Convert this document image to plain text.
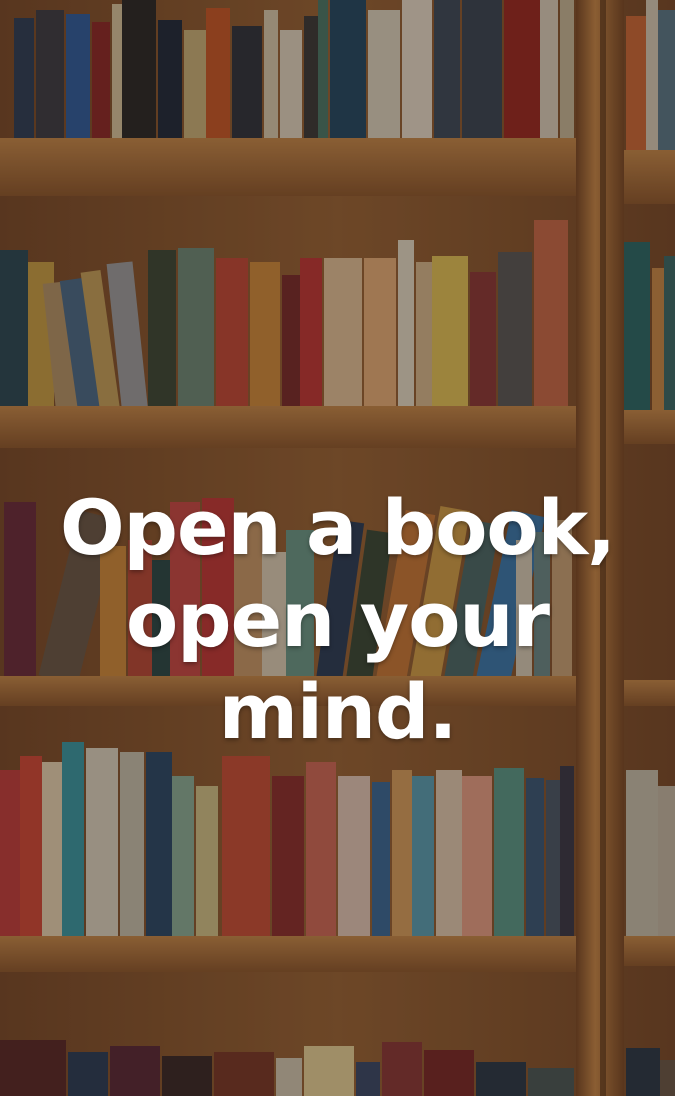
Open a book,
open your
mind.
